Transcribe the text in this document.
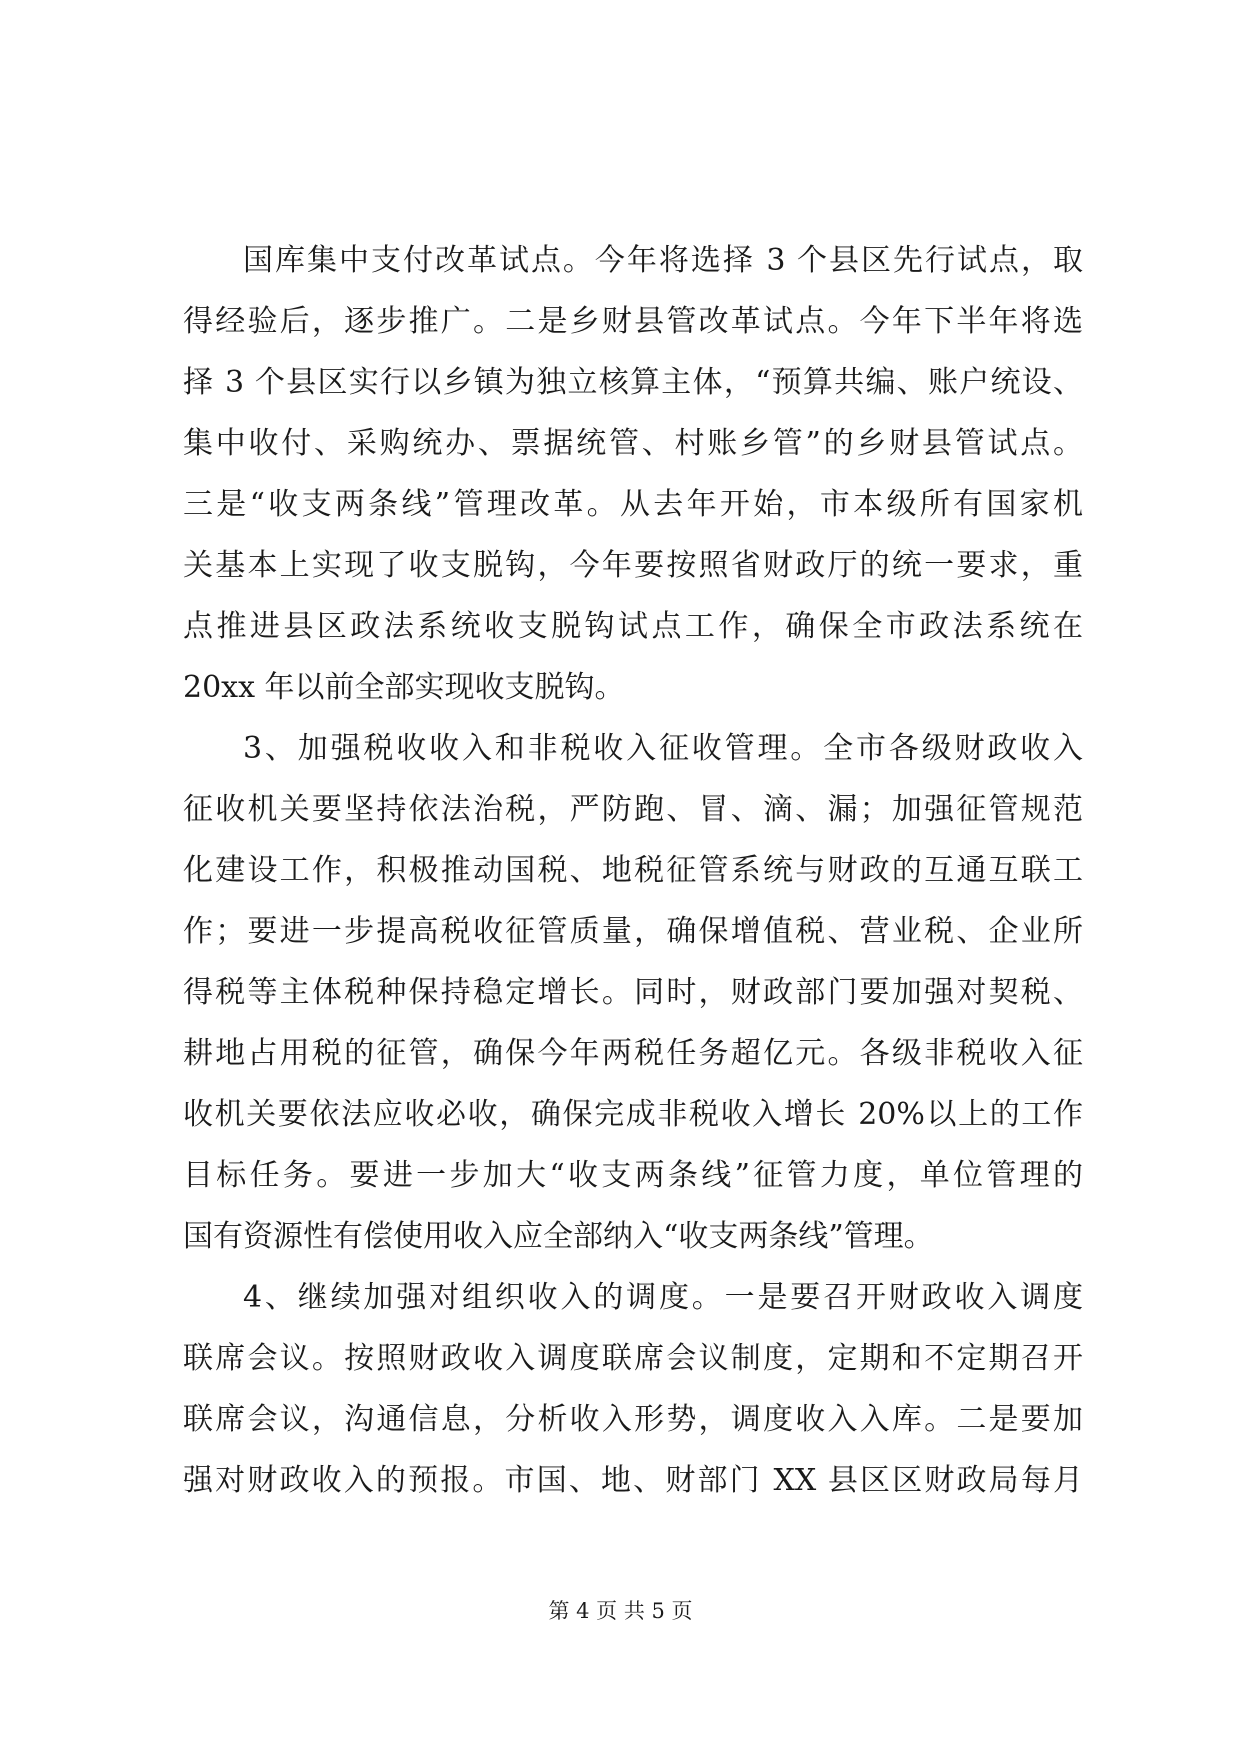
国库集中支付改革试点。今年将选择 3 个县区先行试点，取
得经验后，逐步推广。二是乡财县管改革试点。今年下半年将选
择 3 个县区实行以乡镇为独立核算主体，“预算共编、账户统设、
集中收付、采购统办、票据统管、村账乡管”的乡财县管试点。
三是“收支两条线”管理改革。从去年开始，市本级所有国家机
关基本上实现了收支脱钩，今年要按照省财政厅的统一要求，重
点推进县区政法系统收支脱钩试点工作，确保全市政法系统在
20xx 年以前全部实现收支脱钩。
3、加强税收收入和非税收入征收管理。全市各级财政收入
征收机关要坚持依法治税，严防跑、冒、滴、漏；加强征管规范
化建设工作，积极推动国税、地税征管系统与财政的互通互联工
作；要进一步提高税收征管质量，确保增值税、营业税、企业所
得税等主体税种保持稳定增长。同时，财政部门要加强对契税、
耕地占用税的征管，确保今年两税任务超亿元。各级非税收入征
收机关要依法应收必收，确保完成非税收入增长 20%以上的工作
目标任务。要进一步加大“收支两条线”征管力度，单位管理的
国有资源性有偿使用收入应全部纳入“收支两条线”管理。
4、继续加强对组织收入的调度。一是要召开财政收入调度
联席会议。按照财政收入调度联席会议制度，定期和不定期召开
联席会议，沟通信息，分析收入形势，调度收入入库。二是要加
强对财政收入的预报。市国、地、财部门 XX 县区区财政局每月
第 4 页 共 5 页
